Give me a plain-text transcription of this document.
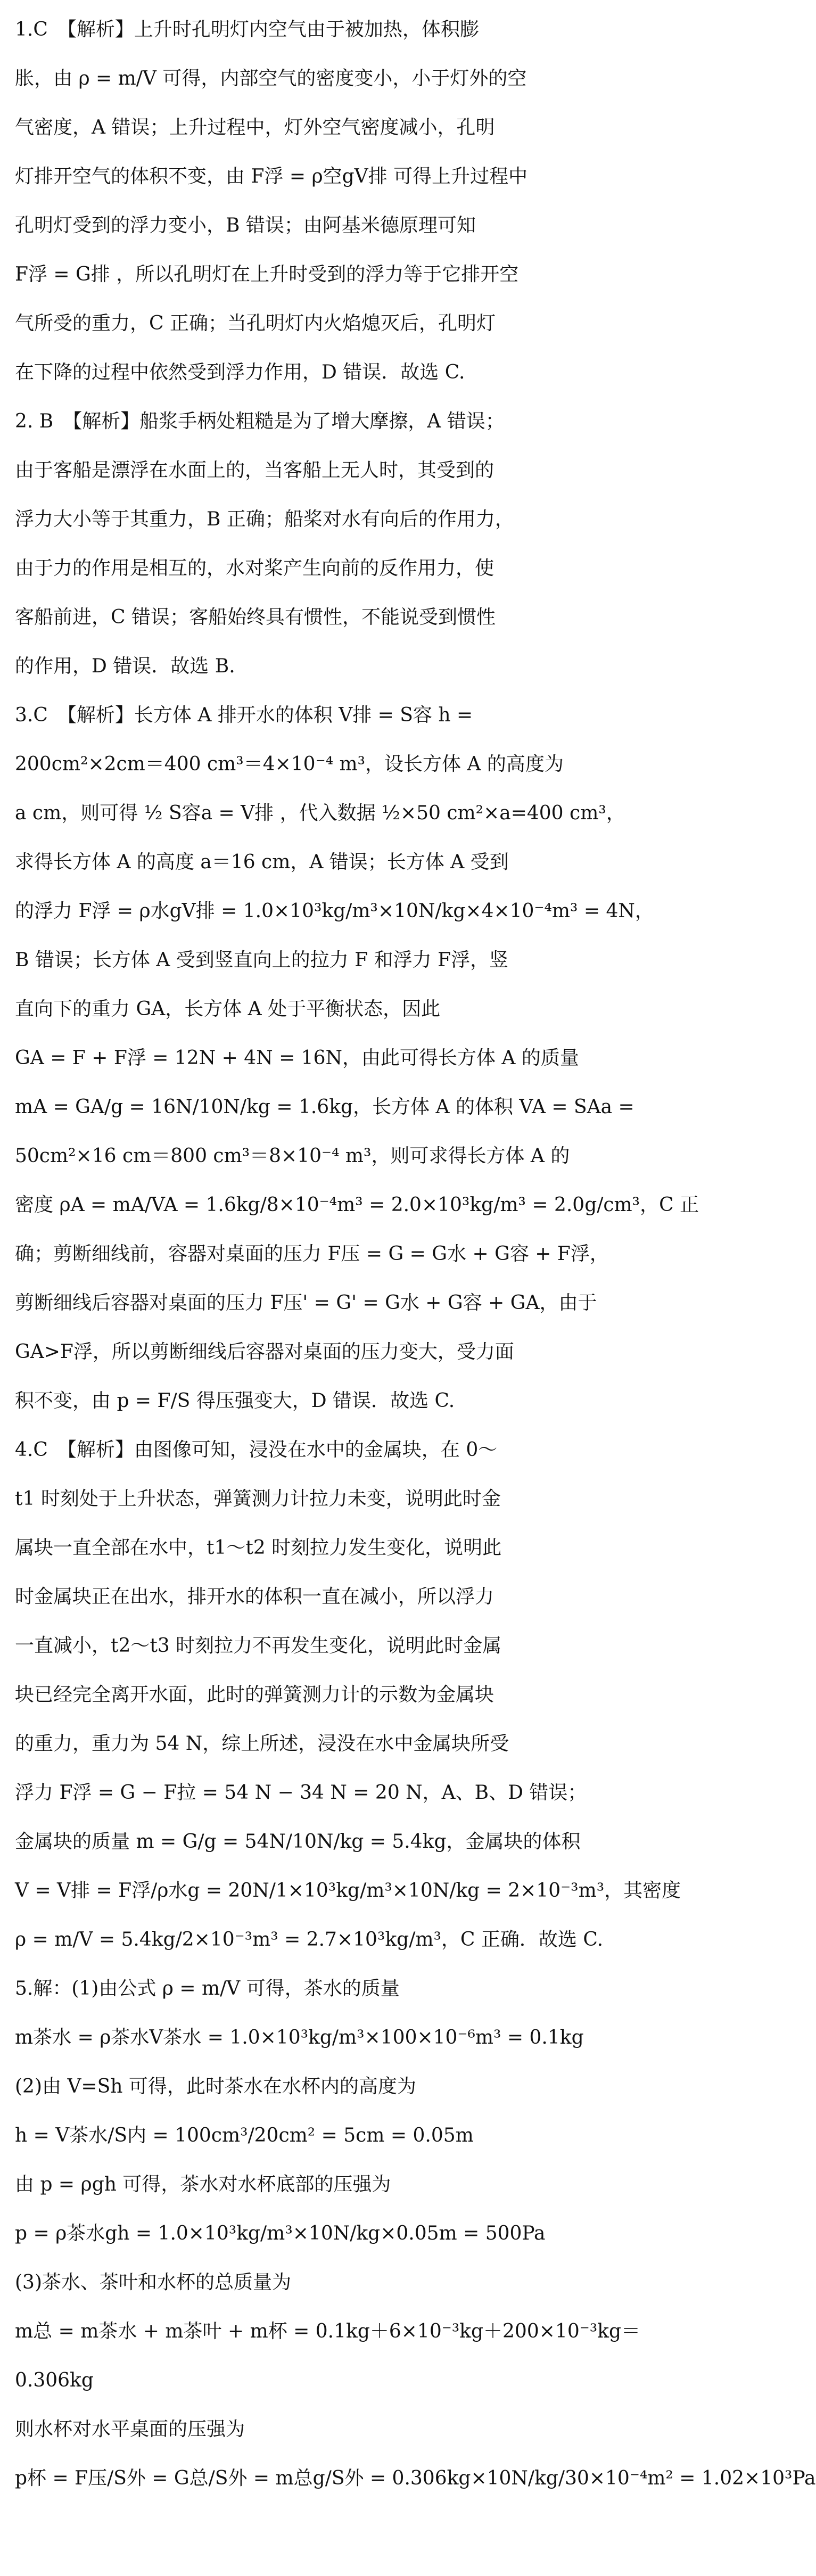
1.C　【解析】上升时孔明灯内空气由于被加热，体积膨
胀，由 ρ = m/V 可得，内部空气的密度变小，小于灯外的空
气密度，A 错误；上升过程中，灯外空气密度减小，孔明
灯排开空气的体积不变，由 F浮 = ρ空gV排 可得上升过程中
孔明灯受到的浮力变小，B 错误；由阿基米德原理可知
F浮 = G排 ，所以孔明灯在上升时受到的浮力等于它排开空
气所受的重力，C 正确；当孔明灯内火焰熄灭后，孔明灯
在下降的过程中依然受到浮力作用，D 错误．故选 C.
2. B　【解析】船浆手柄处粗糙是为了增大摩擦，A 错误；
由于客船是漂浮在水面上的，当客船上无人时，其受到的
浮力大小等于其重力，B 正确；船桨对水有向后的作用力，
由于力的作用是相互的，水对桨产生向前的反作用力，使
客船前进，C 错误；客船始终具有惯性，不能说受到惯性
的作用，D 错误．故选 B.
3.C　【解析】长方体 A 排开水的体积 V排 = S容 h =
200cm²×2cm＝400 cm³＝4×10⁻⁴ m³，设长方体 A 的高度为
a cm，则可得 ½ S容a = V排 ，代入数据 ½×50 cm²×a=400 cm³，
求得长方体 A 的高度 a＝16 cm，A 错误；长方体 A 受到
的浮力 F浮 = ρ水gV排 = 1.0×10³kg/m³×10N/kg×4×10⁻⁴m³ = 4N，
B 错误；长方体 A 受到竖直向上的拉力 F 和浮力 F浮，竖
直向下的重力 GA，长方体 A 处于平衡状态，因此
GA = F + F浮 = 12N + 4N = 16N，由此可得长方体 A 的质量
mA = GA/g = 16N/10N/kg = 1.6kg，长方体 A 的体积 VA = SAa =
50cm²×16 cm＝800 cm³＝8×10⁻⁴ m³，则可求得长方体 A 的
密度 ρA = mA/VA = 1.6kg/8×10⁻⁴m³ = 2.0×10³kg/m³ = 2.0g/cm³，C 正
确；剪断细线前，容器对桌面的压力 F压 = G = G水 + G容 + F浮，
剪断细线后容器对桌面的压力 F压' = G' = G水 + G容 + GA，由于
GA>F浮，所以剪断细线后容器对桌面的压力变大，受力面
积不变，由 p = F/S 得压强变大，D 错误．故选 C.
4.C　【解析】由图像可知，浸没在水中的金属块，在 0～
t1 时刻处于上升状态，弹簧测力计拉力未变，说明此时金
属块一直全部在水中，t1～t2 时刻拉力发生变化，说明此
时金属块正在出水，排开水的体积一直在减小，所以浮力
一直减小，t2～t3 时刻拉力不再发生变化，说明此时金属
块已经完全离开水面，此时的弹簧测力计的示数为金属块
的重力，重力为 54 N，综上所述，浸没在水中金属块所受
浮力 F浮 = G − F拉 = 54 N − 34 N = 20 N，A、B、D 错误；
金属块的质量 m = G/g = 54N/10N/kg = 5.4kg，金属块的体积
V = V排 = F浮/ρ水g = 20N/1×10³kg/m³×10N/kg = 2×10⁻³m³，其密度
ρ = m/V = 5.4kg/2×10⁻³m³ = 2.7×10³kg/m³，C 正确．故选 C.
5.解：(1)由公式 ρ = m/V 可得，茶水的质量
m茶水 = ρ茶水V茶水 = 1.0×10³kg/m³×100×10⁻⁶m³ = 0.1kg
(2)由 V=Sh 可得，此时茶水在水杯内的高度为
h = V茶水/S内 = 100cm³/20cm² = 5cm = 0.05m
由 p = ρgh 可得，茶水对水杯底部的压强为
p = ρ茶水gh = 1.0×10³kg/m³×10N/kg×0.05m = 500Pa
(3)茶水、茶叶和水杯的总质量为
m总 = m茶水 + m茶叶 + m杯 = 0.1kg＋6×10⁻³kg＋200×10⁻³kg＝
0.306kg
则水杯对水平桌面的压强为
p杯 = F压/S外 = G总/S外 = m总g/S外 = 0.306kg×10N/kg/30×10⁻⁴m² = 1.02×10³Pa
